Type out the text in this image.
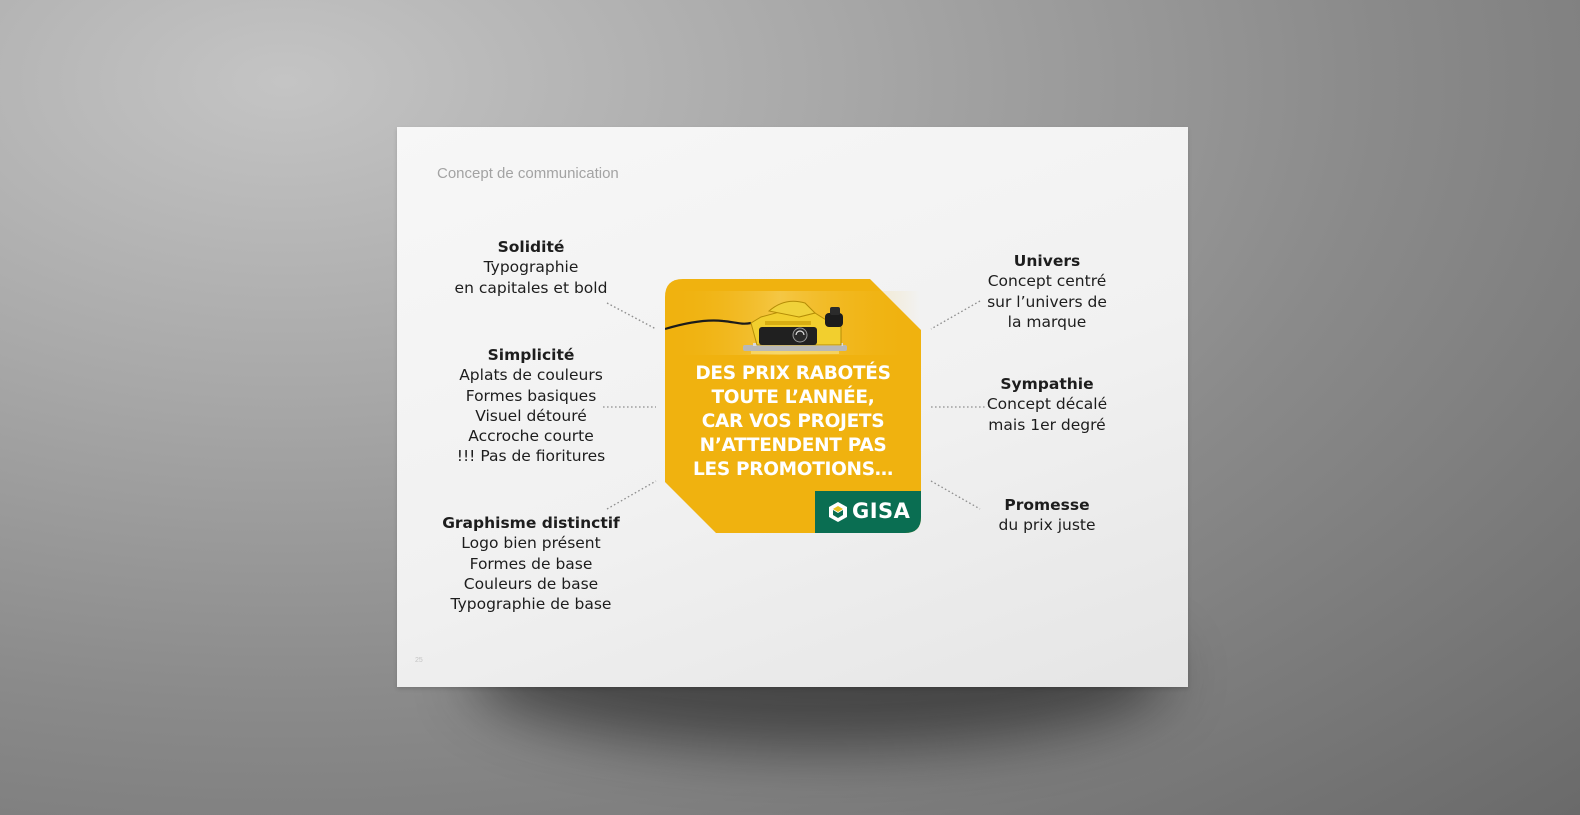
Concept de communication
25
Solidité
Typographie
en capitales et bold
Simplicité
Aplats de couleurs
Formes basiques
Visuel détouré
Accroche courte
!!! Pas de fioritures
Graphisme distinctif
Logo bien présent
Formes de base
Couleurs de base
Typographie de base
Univers
Concept centré
sur l’univers de
la marque
Sympathie
Concept décalé
mais 1er degré
Promesse
du prix juste
DES PRIX RABOTÉS
TOUTE L’ANNÉE,
CAR VOS PROJETS
N’ATTENDENT PAS
LES PROMOTIONS…
GISA
